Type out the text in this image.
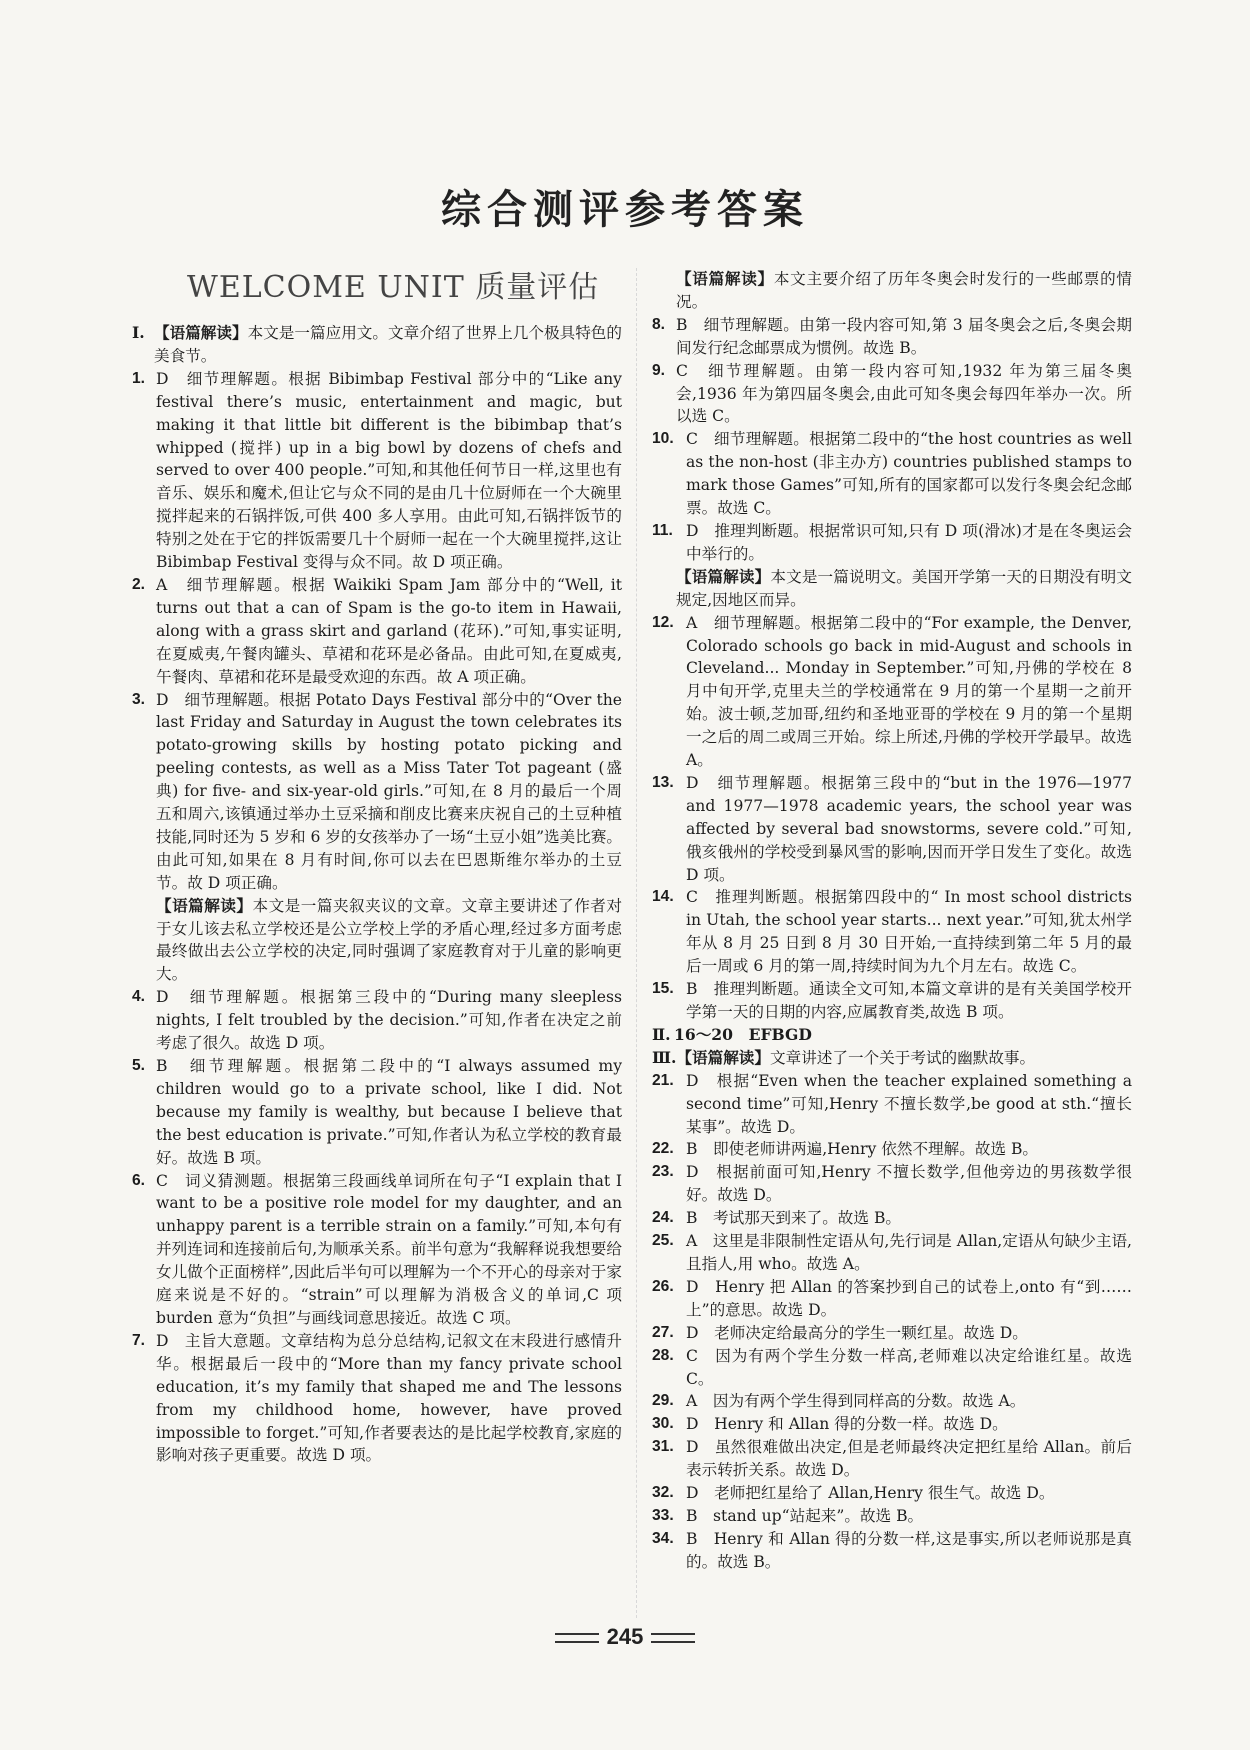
综合测评参考答案
WELCOME UNIT 质量评估
Ⅰ. 【语篇解读】本文是一篇应用文。文章介绍了世界上几个极具特色的美食节。
1. D　细节理解题。根据 Bibimbap Festival 部分中的“Like any festival there’s music, entertainment and magic, but making it that little bit different is the bibimbap that’s whipped (搅拌) up in a big bowl by dozens of chefs and served to over 400 people.”可知,和其他任何节日一样,这里也有音乐、娱乐和魔术,但让它与众不同的是由几十位厨师在一个大碗里搅拌起来的石锅拌饭,可供 400 多人享用。由此可知,石锅拌饭节的特别之处在于它的拌饭需要几十个厨师一起在一个大碗里搅拌,这让 Bibimbap Festival 变得与众不同。故 D 项正确。
2. A　细节理解题。根据 Waikiki Spam Jam 部分中的“Well, it turns out that a can of Spam is the go-to item in Hawaii, along with a grass skirt and garland (花环).”可知,事实证明,在夏威夷,午餐肉罐头、草裙和花环是必备品。由此可知,在夏威夷,午餐肉、草裙和花环是最受欢迎的东西。故 A 项正确。
3. D　细节理解题。根据 Potato Days Festival 部分中的“Over the last Friday and Saturday in August the town celebrates its potato-growing skills by hosting potato picking and peeling contests, as well as a Miss Tater Tot pageant (盛典) for five- and six-year-old girls.”可知,在 8 月的最后一个周五和周六,该镇通过举办土豆采摘和削皮比赛来庆祝自己的土豆种植技能,同时还为 5 岁和 6 岁的女孩举办了一场“土豆小姐”选美比赛。由此可知,如果在 8 月有时间,你可以去在巴恩斯维尔举办的土豆节。故 D 项正确。
【语篇解读】本文是一篇夹叙夹议的文章。文章主要讲述了作者对于女儿该去私立学校还是公立学校上学的矛盾心理,经过多方面考虑最终做出去公立学校的决定,同时强调了家庭教育对于儿童的影响更大。
4. D　细节理解题。根据第三段中的“During many sleepless nights, I felt troubled by the decision.”可知,作者在决定之前考虑了很久。故选 D 项。
5. B　细节理解题。根据第二段中的“I always assumed my children would go to a private school, like I did. Not because my family is wealthy, but because I believe that the best education is private.”可知,作者认为私立学校的教育最好。故选 B 项。
6. C　词义猜测题。根据第三段画线单词所在句子“I explain that I want to be a positive role model for my daughter, and an unhappy parent is a terrible strain on a family.”可知,本句有并列连词和连接前后句,为顺承关系。前半句意为“我解释说我想要给女儿做个正面榜样”,因此后半句可以理解为一个不开心的母亲对于家庭来说是不好的。“strain”可以理解为消极含义的单词,C 项 burden 意为“负担”与画线词意思接近。故选 C 项。
7. D　主旨大意题。文章结构为总分总结构,记叙文在末段进行感情升华。根据最后一段中的“More than my fancy private school education, it’s my family that shaped me and The lessons from my childhood home, however, have proved impossible to forget.”可知,作者要表达的是比起学校教育,家庭的影响对孩子更重要。故选 D 项。
【语篇解读】本文主要介绍了历年冬奥会时发行的一些邮票的情况。
8. B　细节理解题。由第一段内容可知,第 3 届冬奥会之后,冬奥会期间发行纪念邮票成为惯例。故选 B。
9. C　细节理解题。由第一段内容可知,1932 年为第三届冬奥会,1936 年为第四届冬奥会,由此可知冬奥会每四年举办一次。所以选 C。
10. C　细节理解题。根据第二段中的“the host countries as well as the non-host (非主办方) countries published stamps to mark those Games”可知,所有的国家都可以发行冬奥会纪念邮票。故选 C。
11. D　推理判断题。根据常识可知,只有 D 项(滑冰)才是在冬奥运会中举行的。
【语篇解读】本文是一篇说明文。美国开学第一天的日期没有明文规定,因地区而异。
12. A　细节理解题。根据第二段中的“For example, the Denver, Colorado schools go back in mid-August and schools in Cleveland... Monday in September.”可知,丹佛的学校在 8 月中旬开学,克里夫兰的学校通常在 9 月的第一个星期一之前开始。波士顿,芝加哥,纽约和圣地亚哥的学校在 9 月的第一个星期一之后的周二或周三开始。综上所述,丹佛的学校开学最早。故选 A。
13. D　细节理解题。根据第三段中的“but in the 1976—1977 and 1977—1978 academic years, the school year was affected by several bad snowstorms, severe cold.”可知,俄亥俄州的学校受到暴风雪的影响,因而开学日发生了变化。故选 D 项。
14. C　推理判断题。根据第四段中的“ In most school districts in Utah, the school year starts... next year.”可知,犹太州学年从 8 月 25 日到 8 月 30 日开始,一直持续到第二年 5 月的最后一周或 6 月的第一周,持续时间为九个月左右。故选 C。
15. B　推理判断题。通读全文可知,本篇文章讲的是有关美国学校开学第一天的日期的内容,应属教育类,故选 B 项。
Ⅱ. 16～20　EFBGD
Ⅲ. 【语篇解读】文章讲述了一个关于考试的幽默故事。
21. D　根据“Even when the teacher explained something a second time”可知,Henry 不擅长数学,be good at sth.“擅长某事”。故选 D。
22. B　即使老师讲两遍,Henry 依然不理解。故选 B。
23. D　根据前面可知,Henry 不擅长数学,但他旁边的男孩数学很好。故选 D。
24. B　考试那天到来了。故选 B。
25. A　这里是非限制性定语从句,先行词是 Allan,定语从句缺少主语,且指人,用 who。故选 A。
26. D　Henry 把 Allan 的答案抄到自己的试卷上,onto 有“到……上”的意思。故选 D。
27. D　老师决定给最高分的学生一颗红星。故选 D。
28. C　因为有两个学生分数一样高,老师难以决定给谁红星。故选 C。
29. A　因为有两个学生得到同样高的分数。故选 A。
30. D　Henry 和 Allan 得的分数一样。故选 D。
31. D　虽然很难做出决定,但是老师最终决定把红星给 Allan。前后表示转折关系。故选 D。
32. D　老师把红星给了 Allan,Henry 很生气。故选 D。
33. B　stand up“站起来”。故选 B。
34. B　Henry 和 Allan 得的分数一样,这是事实,所以老师说那是真的。故选 B。
245
